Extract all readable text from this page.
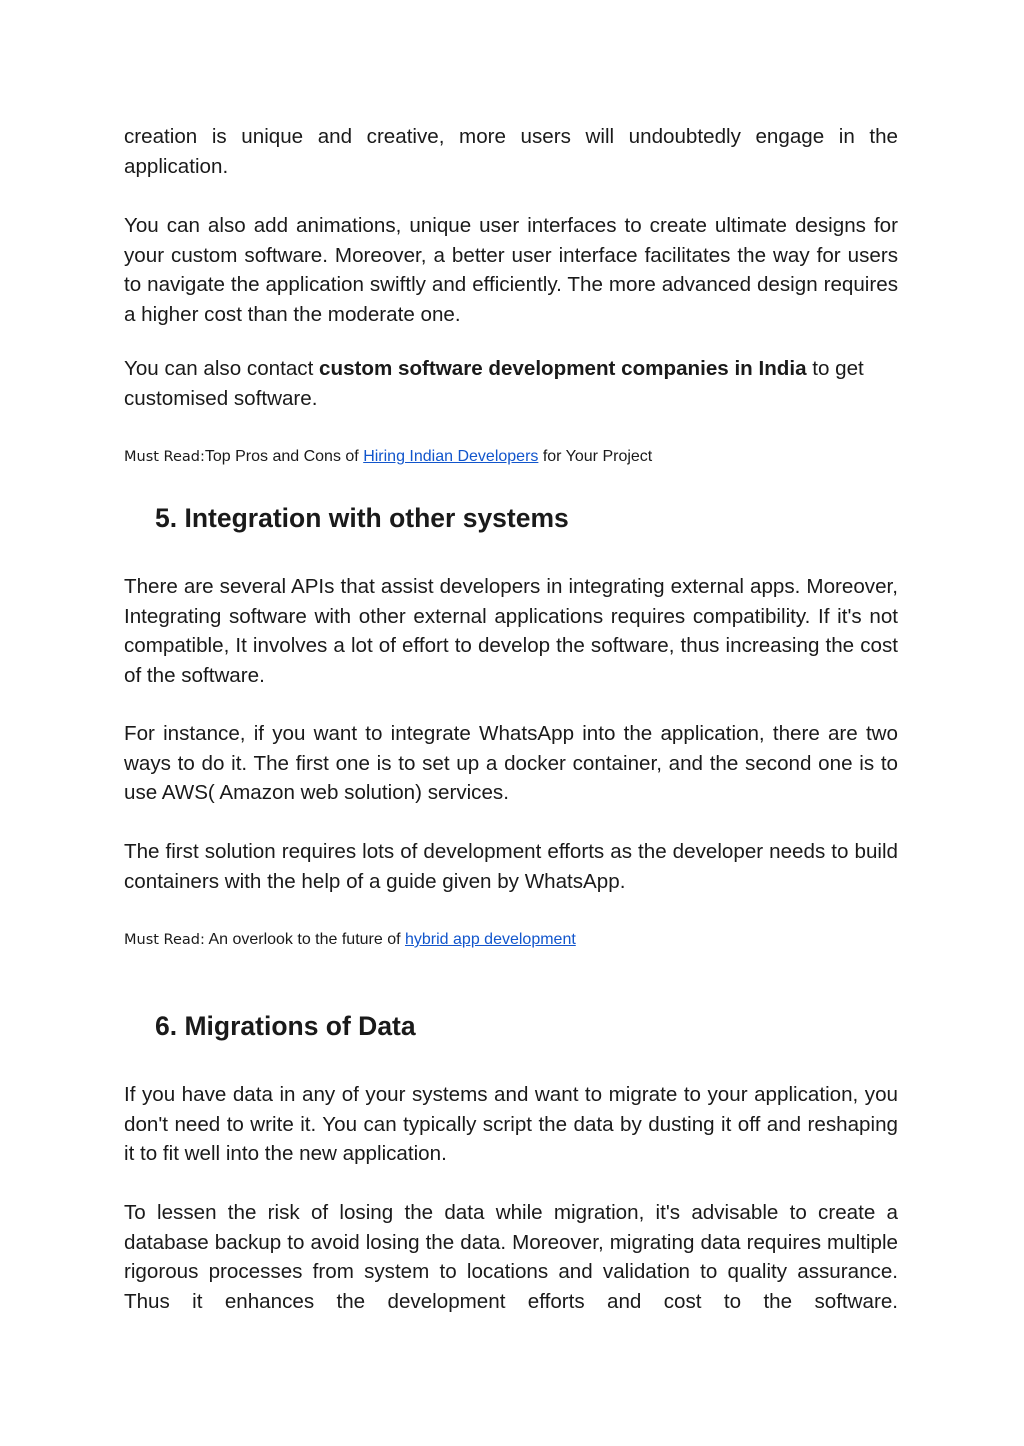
creation is unique and creative, more users will undoubtedly engage in the application.

You can also add animations, unique user interfaces to create ultimate designs for your custom software. Moreover, a better user interface facilitates the way for users to navigate the application swiftly and efficiently. The more advanced design requires a higher cost than the moderate one.

You can also contact custom software development companies in India to get customised software.

Must Read:Top Pros and Cons of Hiring Indian Developers for Your Project

5. Integration with other systems

There are several APIs that assist developers in integrating external apps. Moreover, Integrating software with other external applications requires compatibility. If it's not compatible, It involves a lot of effort to develop the software, thus increasing the cost of the software.

For instance, if you want to integrate WhatsApp into the application, there are two ways to do it. The first one is to set up a docker container, and the second one is to use AWS( Amazon web solution) services.

The first solution requires lots of development efforts as the developer needs to build containers with the help of a guide given by WhatsApp.

Must Read: An overlook to the future of hybrid app development

6. Migrations of Data

If you have data in any of your systems and want to migrate to your application, you don't need to write it. You can typically script the data by dusting it off and reshaping it to fit well into the new application.

To lessen the risk of losing the data while migration, it's advisable to create a database backup to avoid losing the data. Moreover, migrating data requires multiple rigorous processes from system to locations and validation to quality assurance. Thus it enhances the development efforts and cost to the software.
